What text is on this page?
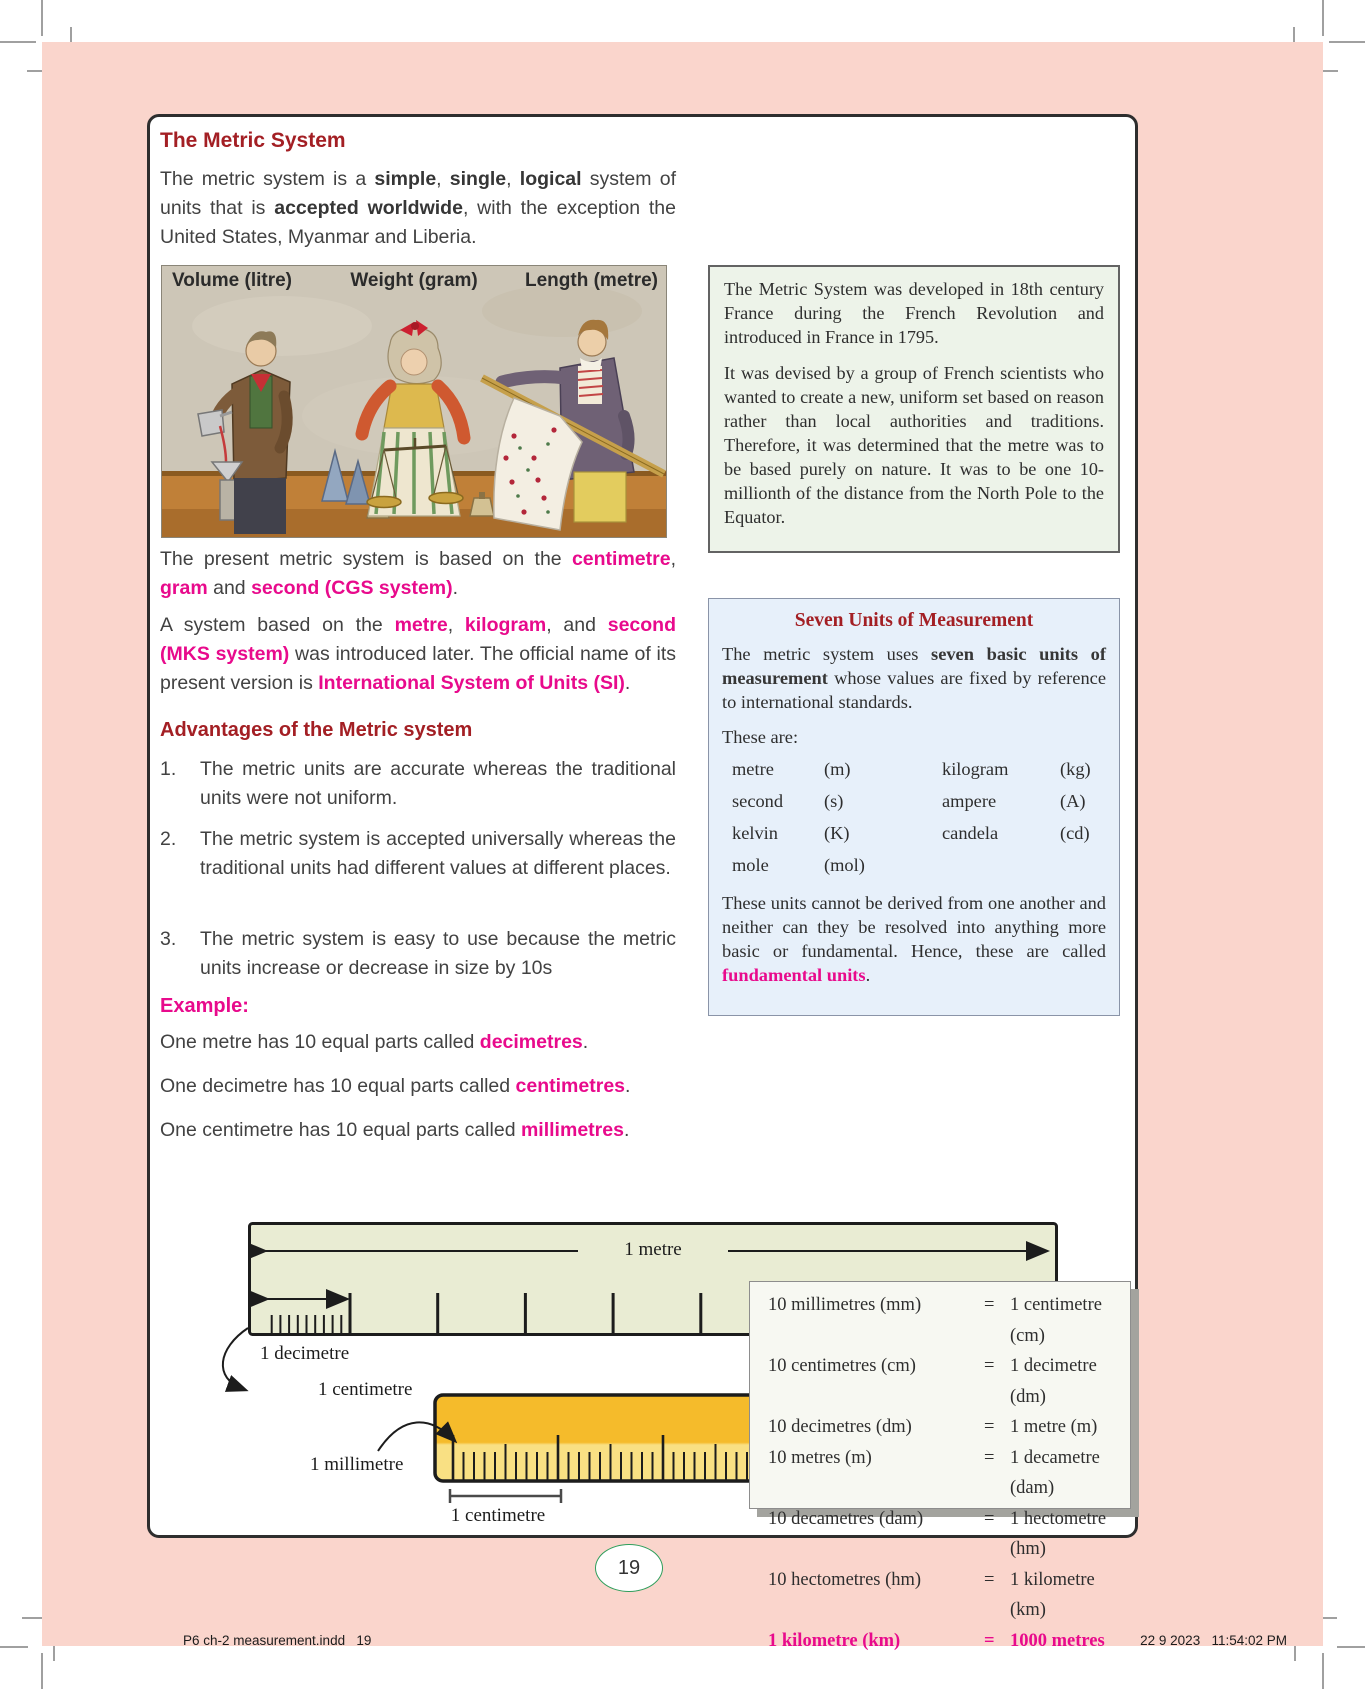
The Metric System
The metric system is a simple, single, logical system of units that is accepted worldwide, with the exception the United States, Myanmar and Liberia.
Volume (litre)	Weight (gram)	Length (metre)
The present metric system is based on the centimetre, gram and second (CGS system).
A system based on the metre, kilogram, and second (MKS system) was introduced later. The official name of its present version is International System of Units (SI).
Advantages of the Metric system
1.	The metric units are accurate whereas the traditional units were not uniform.
2.	The metric system is accepted universally whereas the traditional units had different values at different places.
3.	The metric system is easy to use because the metric units increase or decrease in size by 10s
Example:
One metre has 10 equal parts called decimetres.
One decimetre has 10 equal parts called centimetres.
One centimetre has 10 equal parts called millimetres.

The Metric System was developed in 18th century France during the French Revolution and introduced in France in 1795.

It was devised by a group of French scientists who wanted to create a new, uniform set based on reason rather than local authorities and traditions. Therefore, it was determined that the metre was to be based purely on nature. It was to be one 10-millionth of the distance from the North Pole to the Equator.

Seven Units of Measurement

The metric system uses seven basic units of measurement whose values are fixed by reference to international standards.

These are:

metre	(m)	kilogram	(kg)
second	(s)	ampere	(A)
kelvin	(K)	candela	(cd)
mole	(mol)

These units cannot be derived from one another and neither can they be resolved into anything more basic or fundamental. Hence, these are called fundamental units.

1 metre
1 decimetre
1 centimetre
1 millimetre
1 centimetre
10 millimetres (mm)	= 1 centimetre (cm)
10 centimetres (cm)	= 1 decimetre (dm)
10 decimetres (dm)	= 1 metre (m)
10 metres (m)	= 1 decametre (dam)
10 decametres (dam)	= 1 hectometre (hm)
10 hectometres (hm)	= 1 kilometre (km)
1 kilometre (km)	= 1000 metres
19
P6 ch-2 measurement.indd   19	22 9 2023   11:54:02 PM
